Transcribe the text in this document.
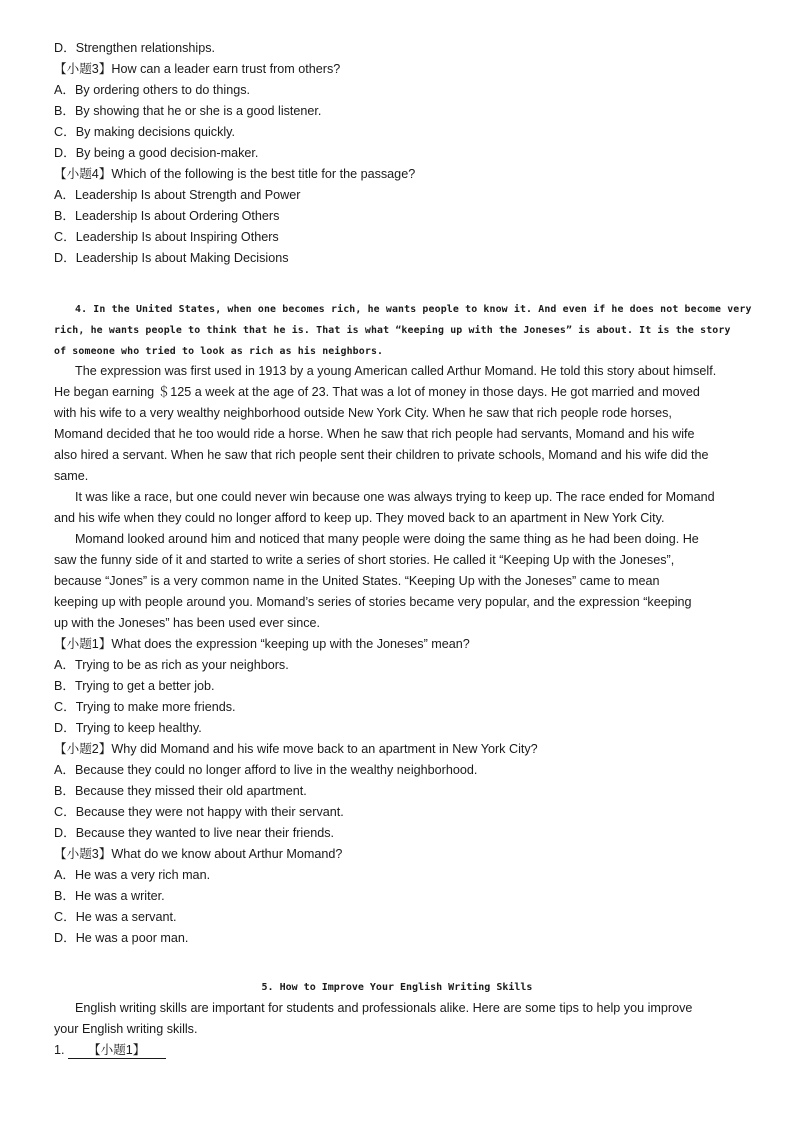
D．Strengthen relationships.
【小题3】How can a leader earn trust from others?
A．By ordering others to do things.
B．By showing that he or she is a good listener.
C．By making decisions quickly.
D．By being a good decision-maker.
【小题4】Which of the following is the best title for the passage?
A．Leadership Is about Strength and Power
B．Leadership Is about Ordering Others
C．Leadership Is about Inspiring Others
D．Leadership Is about Making Decisions
4. In the United States, when one becomes rich, he wants people to know it. And even if he does not become very
rich, he wants people to think that he is. That is what “keeping up with the Joneses” is about. It is the story
of someone who tried to look as rich as his neighbors.
The expression was first used in 1913 by a young American called Arthur Momand. He told this story about himself.
He began earning ＄125 a week at the age of 23. That was a lot of money in those days. He got married and moved
with his wife to a very wealthy neighborhood outside New York City. When he saw that rich people rode horses,
Momand decided that he too would ride a horse. When he saw that rich people had servants, Momand and his wife
also hired a servant. When he saw that rich people sent their children to private schools, Momand and his wife did the
same.
It was like a race, but one could never win because one was always trying to keep up. The race ended for Momand
and his wife when they could no longer afford to keep up. They moved back to an apartment in New York City.
Momand looked around him and noticed that many people were doing the same thing as he had been doing. He
saw the funny side of it and started to write a series of short stories. He called it “Keeping Up with the Joneses”,
because “Jones” is a very common name in the United States. “Keeping Up with the Joneses” came to mean
keeping up with people around you. Momand’s series of stories became very popular, and the expression “keeping
up with the Joneses” has been used ever since.
【小题1】What does the expression “keeping up with the Joneses” mean?
A．Trying to be as rich as your neighbors.
B．Trying to get a better job.
C．Trying to make more friends.
D．Trying to keep healthy.
【小题2】Why did Momand and his wife move back to an apartment in New York City?
A．Because they could no longer afford to live in the wealthy neighborhood.
B．Because they missed their old apartment.
C．Because they were not happy with their servant.
D．Because they wanted to live near their friends.
【小题3】What do we know about Arthur Momand?
A．He was a very rich man.
B．He was a writer.
C．He was a servant.
D．He was a poor man.
5. How to Improve Your English Writing Skills
English writing skills are important for students and professionals alike. Here are some tips to help you improve
your English writing skills.
1. 【小题1】
